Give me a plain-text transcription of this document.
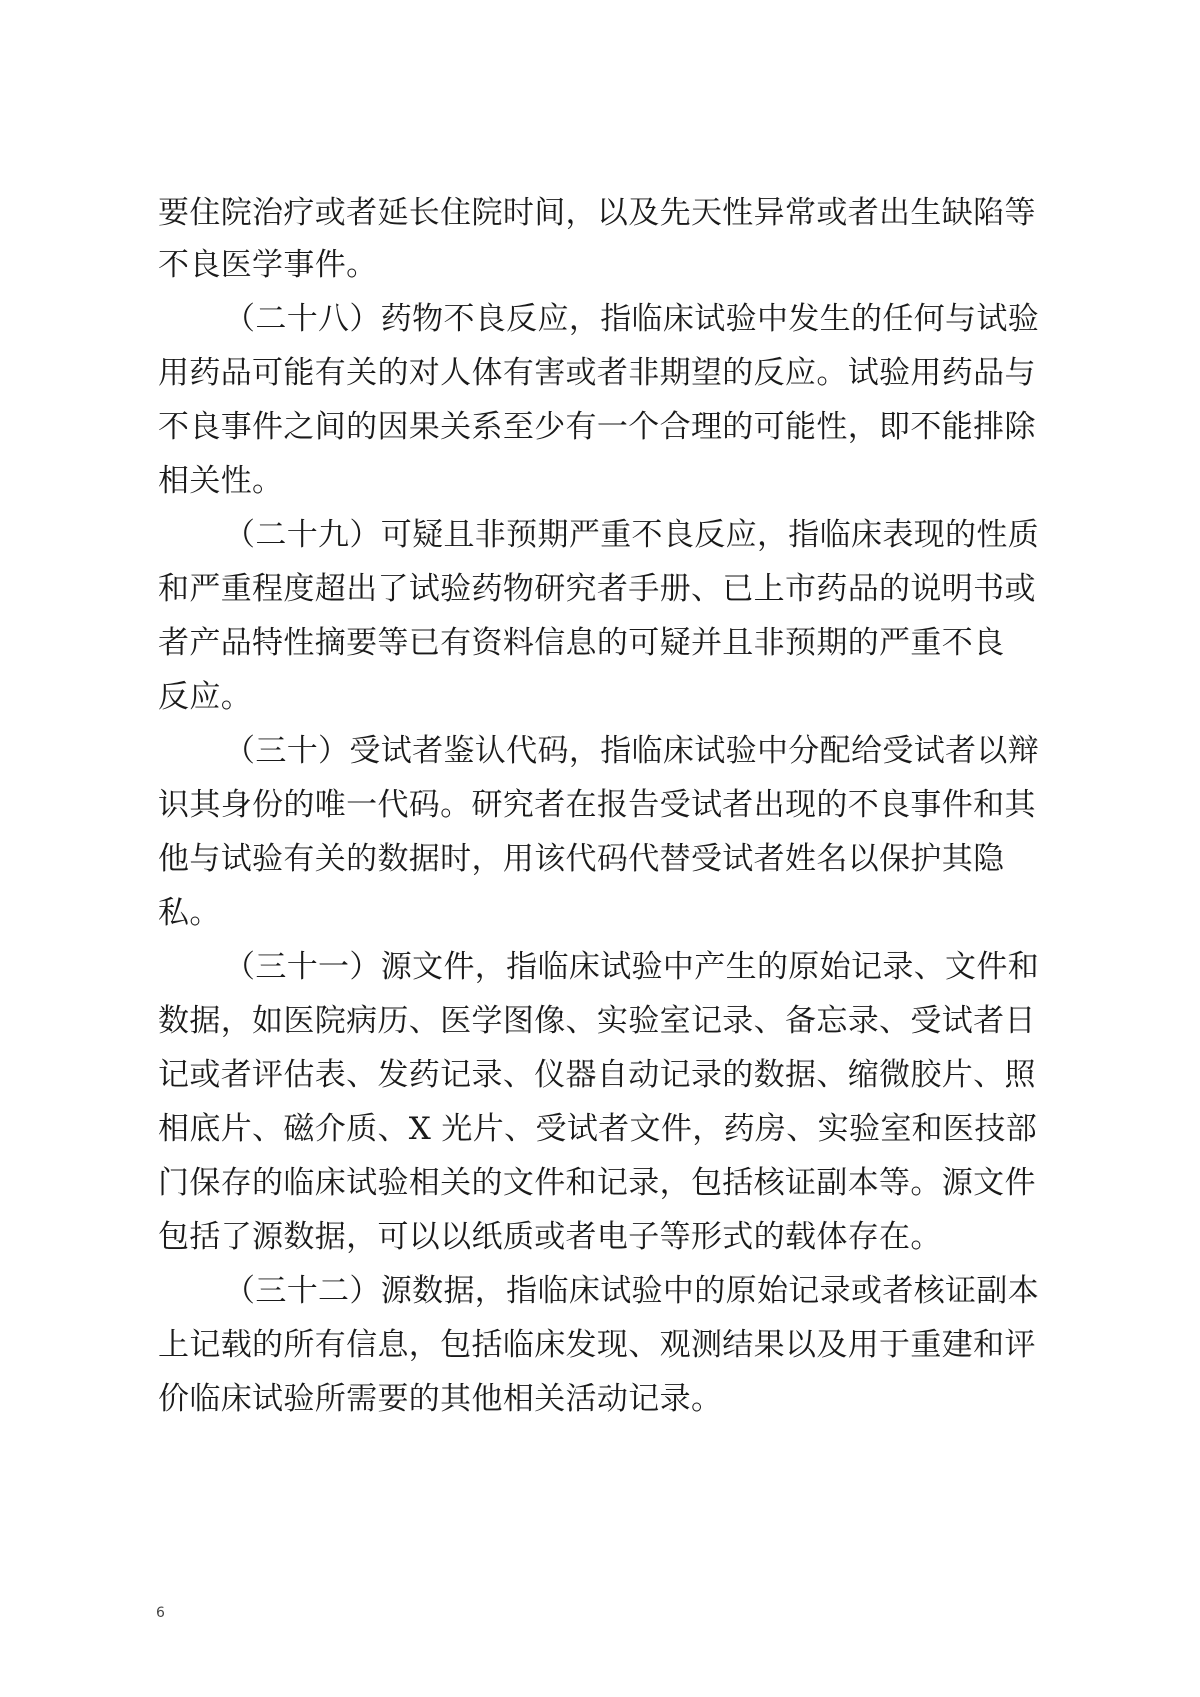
要住院治疗或者延长住院时间，以及先天性异常或者出生缺陷等
不良医学事件。
（二十八）药物不良反应，指临床试验中发生的任何与试验
用药品可能有关的对人体有害或者非期望的反应。试验用药品与
不良事件之间的因果关系至少有一个合理的可能性，即不能排除
相关性。
（二十九）可疑且非预期严重不良反应，指临床表现的性质
和严重程度超出了试验药物研究者手册、已上市药品的说明书或
者产品特性摘要等已有资料信息的可疑并且非预期的严重不良
反应。
（三十）受试者鉴认代码，指临床试验中分配给受试者以辩
识其身份的唯一代码。研究者在报告受试者出现的不良事件和其
他与试验有关的数据时，用该代码代替受试者姓名以保护其隐
私。
（三十一）源文件，指临床试验中产生的原始记录、文件和
数据，如医院病历、医学图像、实验室记录、备忘录、受试者日
记或者评估表、发药记录、仪器自动记录的数据、缩微胶片、照
相底片、磁介质、X 光片、受试者文件，药房、实验室和医技部
门保存的临床试验相关的文件和记录，包括核证副本等。源文件
包括了源数据，可以以纸质或者电子等形式的载体存在。
（三十二）源数据，指临床试验中的原始记录或者核证副本
上记载的所有信息，包括临床发现、观测结果以及用于重建和评
价临床试验所需要的其他相关活动记录。
6
